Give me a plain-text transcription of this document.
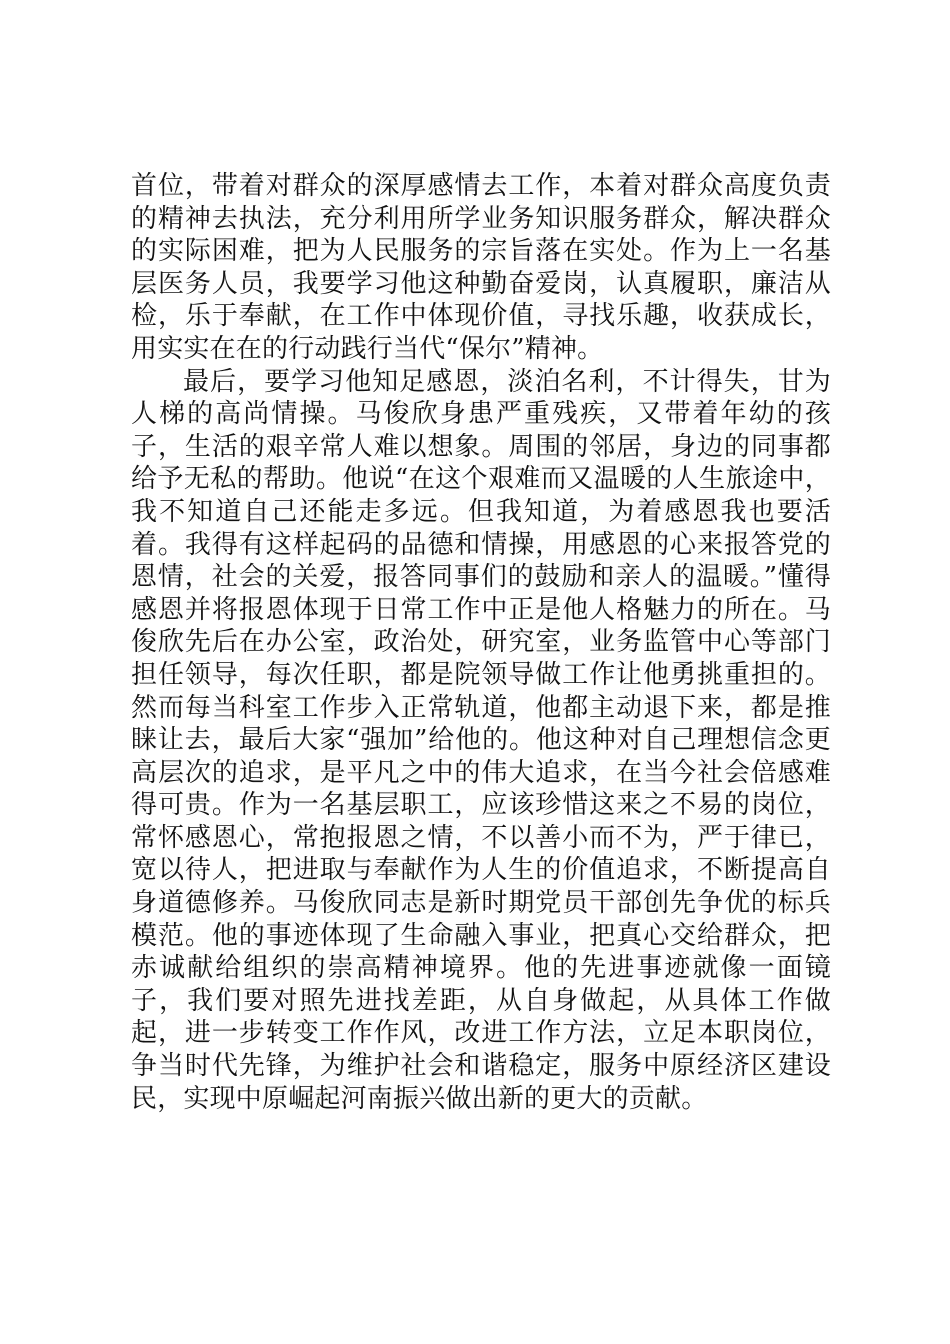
首位，带着对群众的深厚感情去工作，本着对群众高度负责的精神去执法，充分利用所学业务知识服务群众，解决群众的实际困难，把为人民服务的宗旨落在实处。作为上一名基层医务人员，我要学习他这种勤奋爱岗，认真履职，廉洁从检，乐于奉献，在工作中体现价值，寻找乐趣，收获成长，用实实在在的行动践行当代“保尔”精神。

最后，要学习他知足感恩，淡泊名利，不计得失，甘为人梯的高尚情操。马俊欣身患严重残疾，又带着年幼的孩子，生活的艰辛常人难以想象。周围的邻居，身边的同事都给予无私的帮助。他说“在这个艰难而又温暖的人生旅途中，我不知道自己还能走多远。但我知道，为着感恩我也要活着。我得有这样起码的品德和情操，用感恩的心来报答党的恩情，社会的关爱，报答同事们的鼓励和亲人的温暖。”懂得感恩并将报恩体现于日常工作中正是他人格魅力的所在。马俊欣先后在办公室，政治处，研究室，业务监管中心等部门担任领导，每次任职，都是院领导做工作让他勇挑重担的。然而每当科室工作步入正常轨道，他都主动退下来，都是推睐让去，最后大家“强加”给他的。他这种对自己理想信念更高层次的追求，是平凡之中的伟大追求，在当今社会倍感难得可贵。作为一名基层职工，应该珍惜这来之不易的岗位，常怀感恩心，常抱报恩之情，不以善小而不为，严于律已，宽以待人，把进取与奉献作为人生的价值追求，不断提高自身道德修养。马俊欣同志是新时期党员干部创先争优的标兵模范。他的事迹体现了生命融入事业，把真心交给群众，把赤诚献给组织的崇高精神境界。他的先进事迹就像一面镜子，我们要对照先进找差距，从自身做起，从具体工作做起，进一步转变工作作风，改进工作方法，立足本职岗位，争当时代先锋，为维护社会和谐稳定，服务中原经济区建设民，实现中原崛起河南振兴做出新的更大的贡献。
